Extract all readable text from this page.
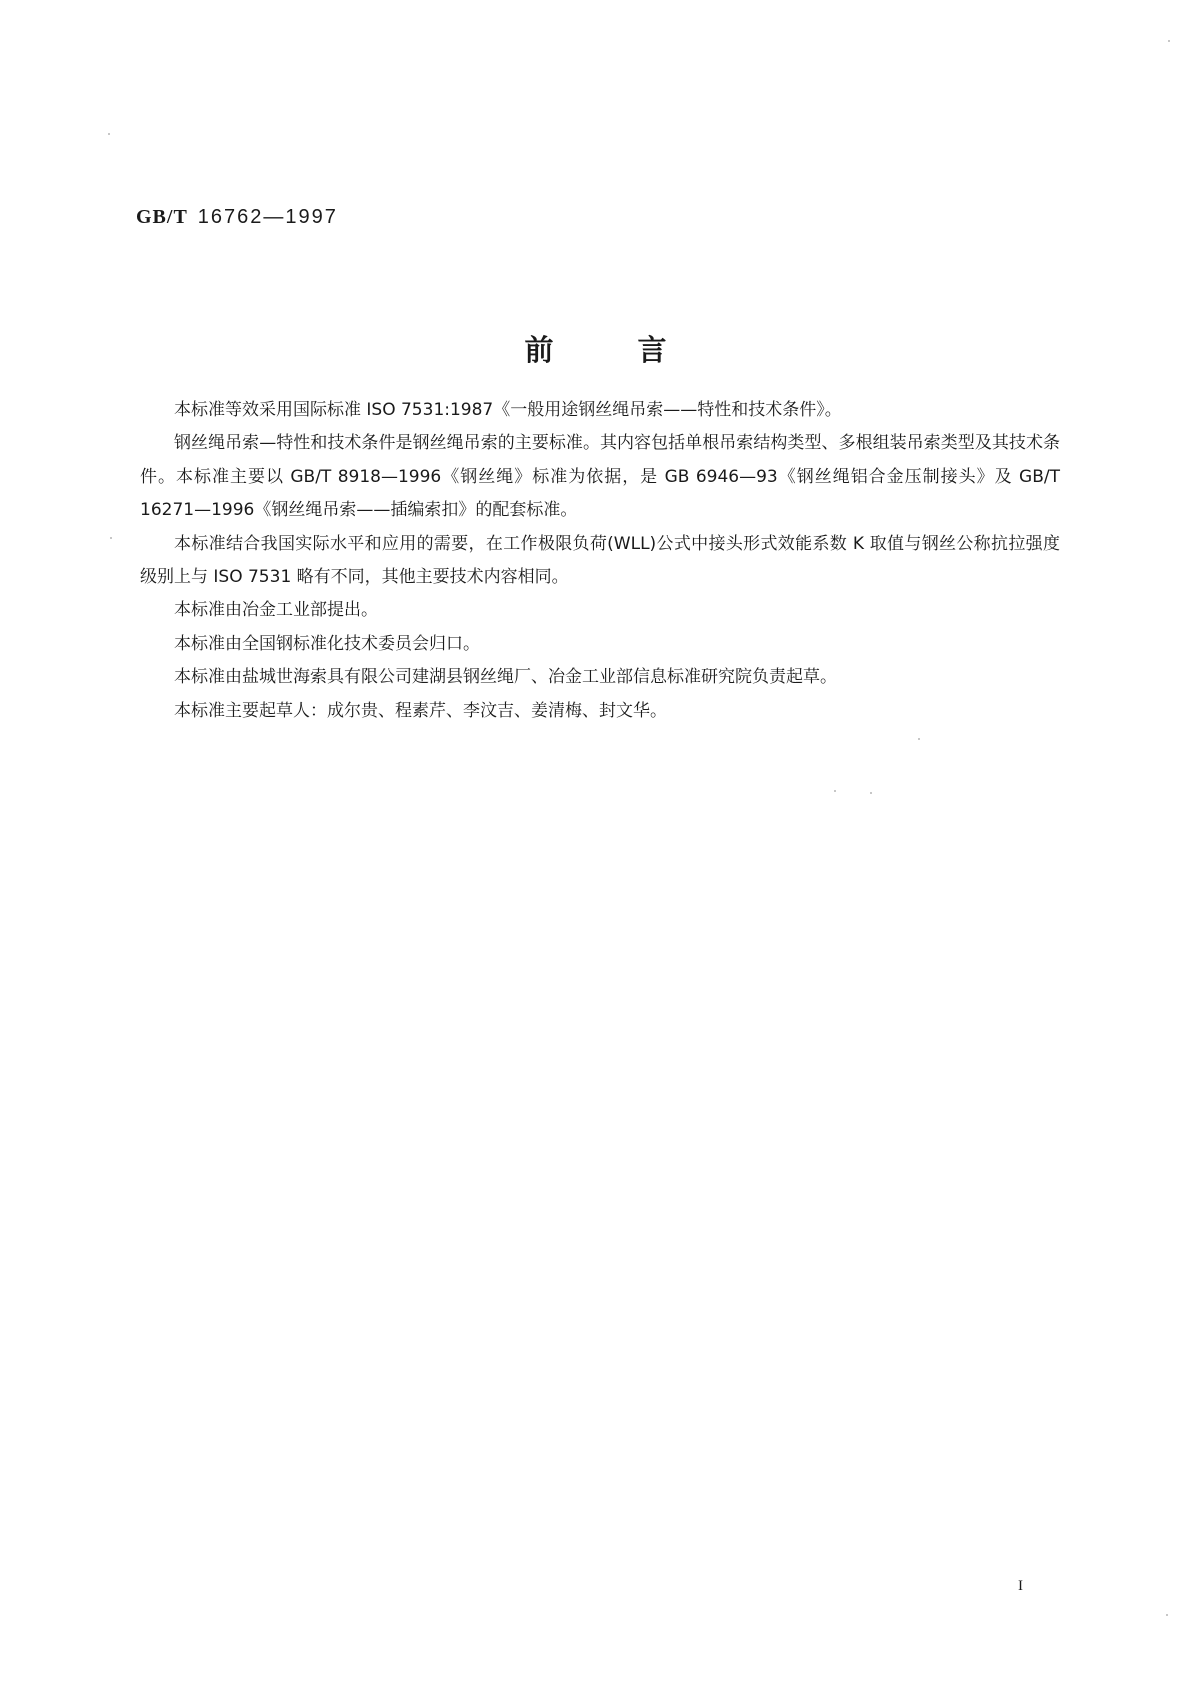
GB/T 16762—1997
前言

本标准等效采用国际标准 ISO 7531:1987《一般用途钢丝绳吊索——特性和技术条件》。

钢丝绳吊索—特性和技术条件是钢丝绳吊索的主要标准。其内容包括单根吊索结构类型、多根组装吊索类型及其技术条件。本标准主要以 GB/T 8918—1996《钢丝绳》标准为依据，是 GB 6946—93《钢丝绳铝合金压制接头》及 GB/T 16271—1996《钢丝绳吊索——插编索扣》的配套标准。

本标准结合我国实际水平和应用的需要，在工作极限负荷(WLL)公式中接头形式效能系数 K 取值与钢丝公称抗拉强度级别上与 ISO 7531 略有不同，其他主要技术内容相同。

本标准由冶金工业部提出。

本标准由全国钢标准化技术委员会归口。

本标准由盐城世海索具有限公司建湖县钢丝绳厂、冶金工业部信息标准研究院负责起草。

本标准主要起草人：成尔贵、程素芹、李汶吉、姜清梅、封文华。

I
